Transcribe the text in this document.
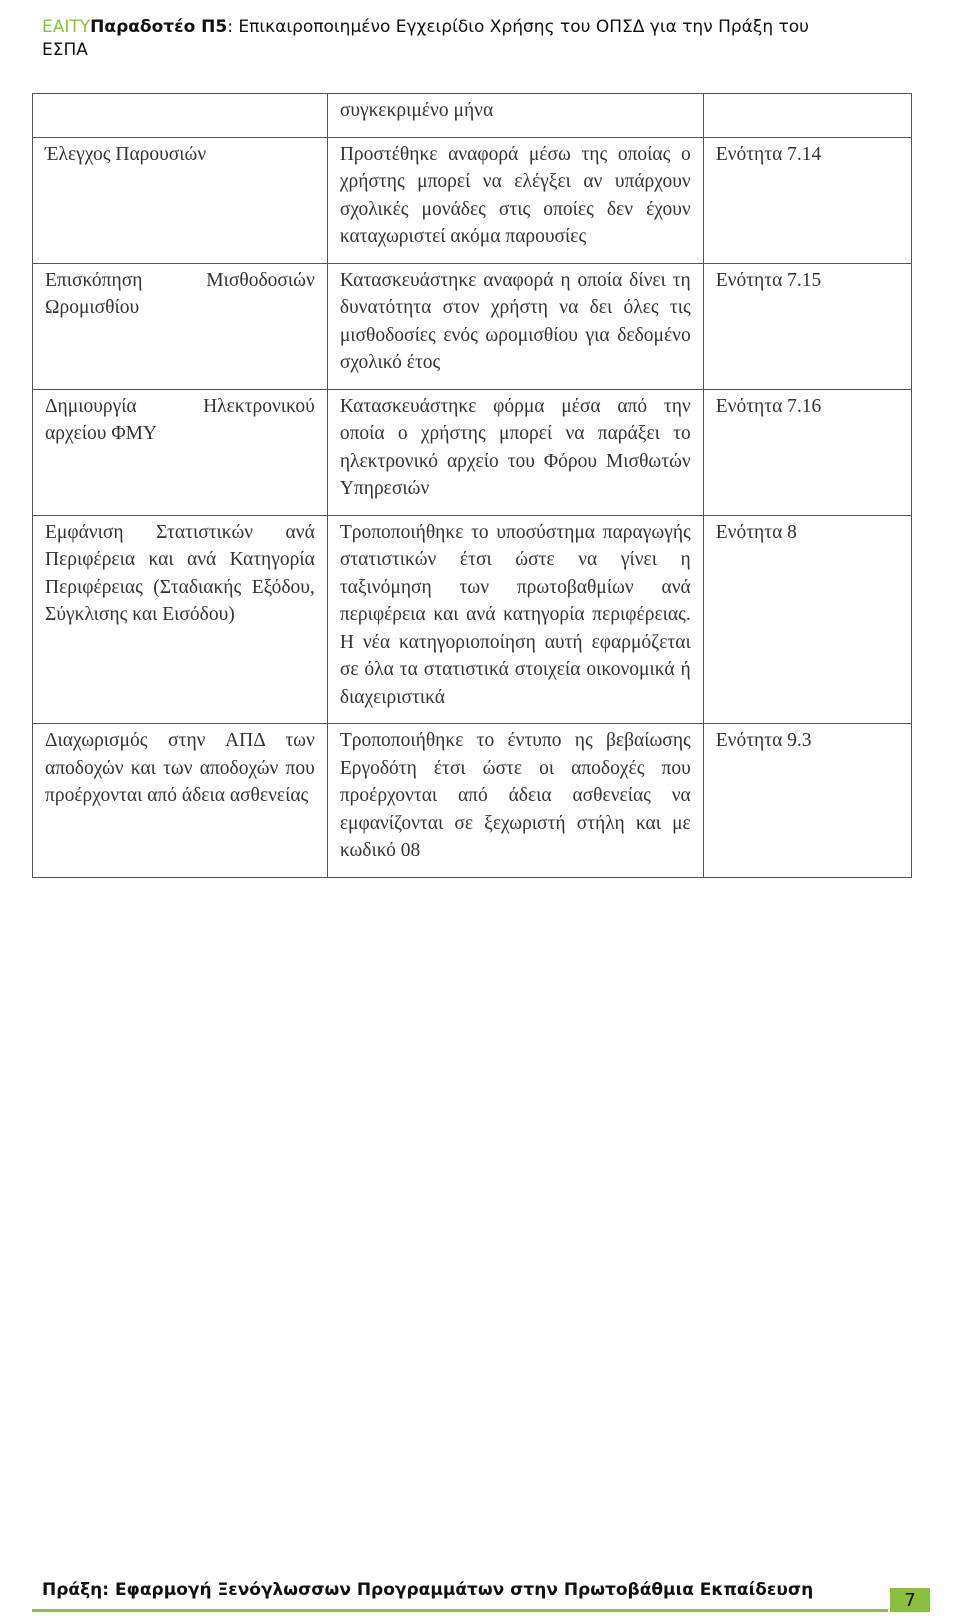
ΕΑΙΤΥΠαραδοτέο Π5: Επικαιροποιημένο Εγχειρίδιο Χρήσης του ΟΠΣΔ για την Πράξη του
ΕΣΠΑ
	συγκεκριμένο μήνα	
Έλεγχος Παρουσιών	Προστέθηκε αναφορά μέσω της οποίας ο χρήστης μπορεί να ελέγξει αν υπάρχουν σχολικές μονάδες στις οποίες δεν έχουν καταχωριστεί ακόμα παρουσίες	Ενότητα 7.14
Επισκόπηση Μισθοδοσιών Ωρομισθίου	Κατασκευάστηκε αναφορά η οποία δίνει τη δυνατότητα στον χρήστη να δει όλες τις μισθοδοσίες ενός ωρομισθίου για δεδομένο σχολικό έτος	Ενότητα 7.15
Δημιουργία Ηλεκτρονικού αρχείου ΦΜΥ	Κατασκευάστηκε φόρμα μέσα από την οποία ο χρήστης μπορεί να παράξει το ηλεκτρονικό αρχείο του Φόρου Μισθωτών Υπηρεσιών	Ενότητα 7.16
Εμφάνιση Στατιστικών ανά Περιφέρεια και ανά Κατηγορία Περιφέρειας (Σταδιακής Εξόδου, Σύγκλισης και Εισόδου)	Τροποποιήθηκε το υποσύστημα παραγωγής στατιστικών έτσι ώστε να γίνει η ταξινόμηση των πρωτοβαθμίων ανά περιφέρεια και ανά κατηγορία περιφέρειας. Η νέα κατηγοριοποίηση αυτή εφαρμόζεται σε όλα τα στατιστικά στοιχεία οικονομικά ή διαχειριστικά	Ενότητα 8
Διαχωρισμός στην ΑΠΔ των αποδοχών και των αποδοχών που προέρχονται από άδεια ασθενείας	Τροποποιήθηκε το έντυπο ης βεβαίωσης Εργοδότη έτσι ώστε οι αποδοχές που προέρχονται από άδεια ασθενείας να εμφανίζονται σε ξεχωριστή στήλη και με κωδικό 08	Ενότητα 9.3
Πράξη: Εφαρμογή Ξενόγλωσσων Προγραμμάτων στην Πρωτοβάθμια Εκπαίδευση	7
